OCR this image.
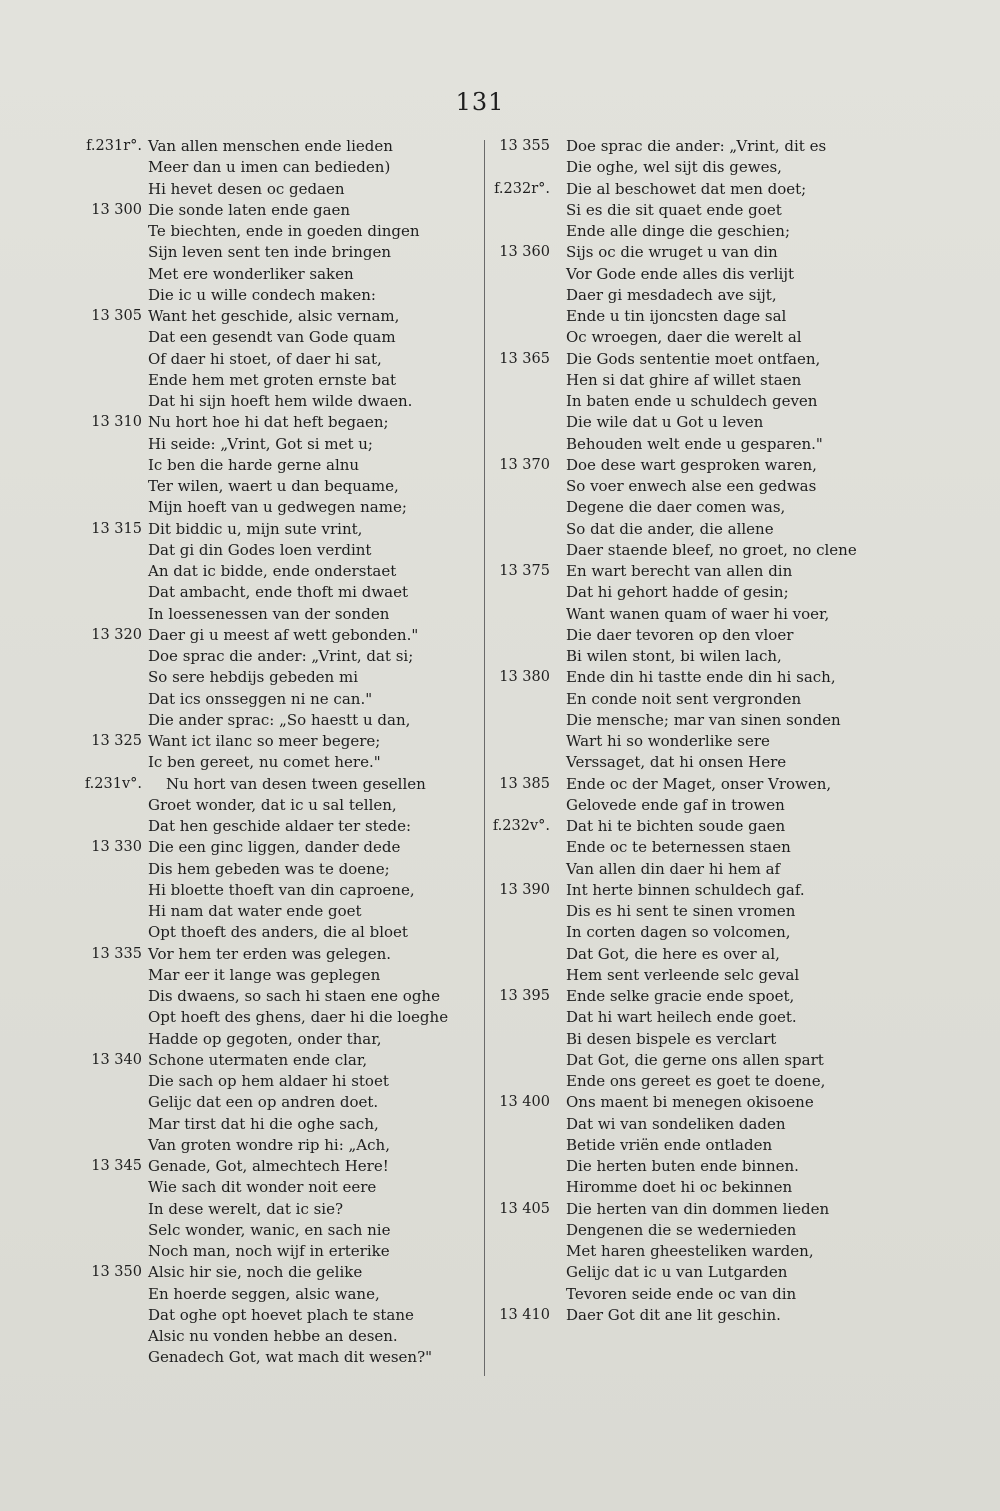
131
f.231r°. Van allen menschen ende lieden
Meer dan u imen can bedieden)
Hi hevet desen oc gedaen
13 300 Die sonde laten ende gaen
Te biechten, ende in goeden dingen
Sijn leven sent ten inde bringen
Met ere wonderliker saken
Die ic u wille condech maken:
13 305 Want het geschide, alsic vernam,
Dat een gesendt van Gode quam
Of daer hi stoet, of daer hi sat,
Ende hem met groten ernste bat
Dat hi sijn hoeft hem wilde dwaen.
13 310 Nu hort hoe hi dat heft begaen;
Hi seide: „Vrint, Got si met u;
Ic ben die harde gerne alnu
Ter wilen, waert u dan bequame,
Mijn hoeft van u gedwegen name;
13 315 Dit biddic u, mijn sute vrint,
Dat gi din Godes loen verdint
An dat ic bidde, ende onderstaet
Dat ambacht, ende thoft mi dwaet
In loessenessen van der sonden
13 320 Daer gi u meest af wett gebonden."
Doe sprac die ander: „Vrint, dat si;
So sere hebdijs gebeden mi
Dat ics onsseggen ni ne can."
Die ander sprac: „So haestt u dan,
13 325 Want ict ilanc so meer begere;
Ic ben gereet, nu comet here."
f.231v°. Nu hort van desen tween gesellen
Groet wonder, dat ic u sal tellen,
Dat hen geschide aldaer ter stede:
13 330 Die een ginc liggen, dander dede
Dis hem gebeden was te doene;
Hi bloette thoeft van din caproene,
Hi nam dat water ende goet
Opt thoeft des anders, die al bloet
13 335 Vor hem ter erden was gelegen.
Mar eer it lange was geplegen
Dis dwaens, so sach hi staen ene oghe
Opt hoeft des ghens, daer hi die loeghe
Hadde op gegoten, onder thar,
13 340 Schone utermaten ende clar,
Die sach op hem aldaer hi stoet
Gelijc dat een op andren doet.
Mar tirst dat hi die oghe sach,
Van groten wondre rip hi: „Ach,
13 345 Genade, Got, almechtech Here!
Wie sach dit wonder noit eere
In dese werelt, dat ic sie?
Selc wonder, wanic, en sach nie
Noch man, noch wijf in erterike
13 350 Alsic hir sie, noch die gelike
En hoerde seggen, alsic wane,
Dat oghe opt hoevet plach te stane
Alsic nu vonden hebbe an desen.
Genadech Got, wat mach dit wesen?"
13 355 Doe sprac die ander: „Vrint, dit es
Die oghe, wel sijt dis gewes,
f.232r°. Die al beschowet dat men doet;
Si es die sit quaet ende goet
Ende alle dinge die geschien;
13 360 Sijs oc die wruget u van din
Vor Gode ende alles dis verlijt
Daer gi mesdadech ave sijt,
Ende u tin ijoncsten dage sal
Oc wroegen, daer die werelt al
13 365 Die Gods sententie moet ontfaen,
Hen si dat ghire af willet staen
In baten ende u schuldech geven
Die wile dat u Got u leven
Behouden welt ende u gesparen."
13 370 Doe dese wart gesproken waren,
So voer enwech alse een gedwas
Degene die daer comen was,
So dat die ander, die allene
Daer staende bleef, no groet, no clene
13 375 En wart berecht van allen din
Dat hi gehort hadde of gesin;
Want wanen quam of waer hi voer,
Die daer tevoren op den vloer
Bi wilen stont, bi wilen lach,
13 380 Ende din hi tastte ende din hi sach,
En conde noit sent vergronden
Die mensche; mar van sinen sonden
Wart hi so wonderlike sere
Verssaget, dat hi onsen Here
13 385 Ende oc der Maget, onser Vrowen,
Gelovede ende gaf in trowen
f.232v°. Dat hi te bichten soude gaen
Ende oc te beternessen staen
Van allen din daer hi hem af
13 390 Int herte binnen schuldech gaf.
Dis es hi sent te sinen vromen
In corten dagen so volcomen,
Dat Got, die here es over al,
Hem sent verleende selc geval
13 395 Ende selke gracie ende spoet,
Dat hi wart heilech ende goet.
Bi desen bispele es verclart
Dat Got, die gerne ons allen spart
Ende ons gereet es goet te doene,
13 400 Ons maent bi menegen okisoene
Dat wi van sondeliken daden
Betide vriën ende ontladen
Die herten buten ende binnen.
Hiromme doet hi oc bekinnen
13 405 Die herten van din dommen lieden
Dengenen die se wedernieden
Met haren gheesteliken warden,
Gelijc dat ic u van Lutgarden
Tevoren seide ende oc van din
13 410 Daer Got dit ane lit geschin.
